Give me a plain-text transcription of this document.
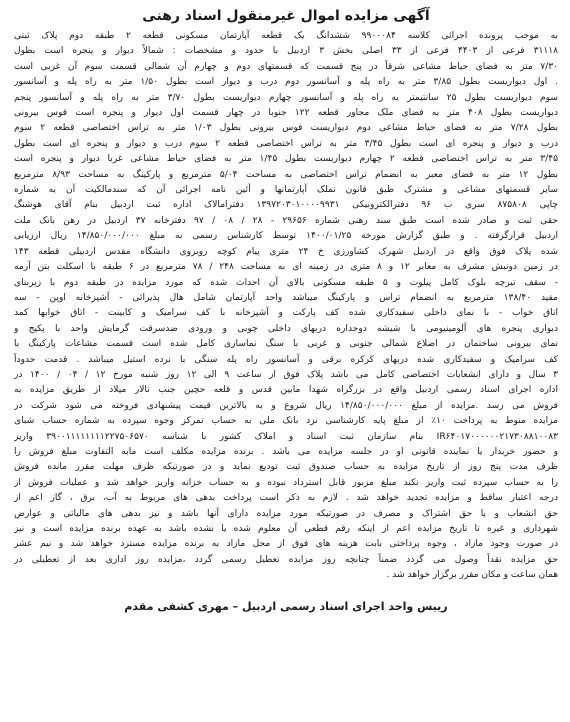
آگهی مزایده اموال غیرمنقول اسناد رهنی
به موجب پرونده اجرائی کلاسه ۹۹۰۰۰۸۴ ششدانگ یک قطعه آپارتمان مسکونی قطعه ۲ طبقه دوم پلاک ثبتی
۳۱۱۱۸ فرعی از ۴۴۰۳ فرعی از ۳۳ اصلی بخش ۳ اردبیل با حدود و مشخصات : شمالاً دیوار و پنجره است بطول
۷/۳۰ متر به فضای حیاط مشاعی شرقاً در پنج قسمت که قسمتهای دوم و چهارم آن شمالی قسمت سوم آن غربی است
. اول دیواریست بطول ۳/۸۵ متر به راه پله و آسانسور دوم درب و دیوار است بطول ۱/۵۰ متر به راه پله و آسانسور
سوم دیواریست بطول ۲۵ سانتیمتر به راه پله و آسانسور چهارم دیواریست بطول ۳/۷۰ متر به راه پله و آسانسور پنجم
دیواریست بطول ۴۰۸ متر به فضای ملک مجاور قطعه ۱۲۲ جنوبا در چهار قسمت اول دیوار و پنجره است قوس بیرونی
بطول ۷/۲۸ متر به فضای حیاط مشاعی دوم دیواریست قوس بیرونی بطول ۱/۰۳ متر به تراس اختصاصی قطعه ۲ سوم
درب و دیوار و پنجره ای است بطول ۳/۴۵ متر به تراس اختصاصی قطعه ۲ سوم درب و دیوار و پنجره ای است بطول
۳/۴۵ متر به تراس اختصاصی قطعه ۲ چهارم دیواریست بطول ۱/۴۵ متر به فضای حیاط مشاعی غربا دیوار و پنجره است
بطول ۱۲ متر به فضای معبر به انضمام تراس اختصاصی به مساحت ۵/۰۴ مترمربع و پارکینگ به مساحت ۸/۹۳ مترمربع
سایر قسمتهای مشاعی و مشترک طبق قانون تملک آپارتمانها و آئین نامه اجرائی آن که سندمالکیت آن به شماره
چاپی ۸۷۵۸۰۸ سری ب ۹۶ دفترالکترونیکی ۱۳۹۷۲۰۳۰۱۰۰۰۰۹۹۳۱ دفترامالاک اداره ثبت اردبیل بنام آقای هوشنگ
حقی ثبت و صادر شده است طبق سند رهنی شماره ۲۹۶۵۶ - ۲۸ / ۰۸ / ۹۷ دفترخانه ۳۷ اردبیل در رهن بانک ملت
اردبیل قرارگرفته . و طبق گزارش مورخه ۱۴۰۰/۰۱/۲۵ توسط کارشناس رسمی به مبلغ ۱۴/۸۵۰/۰۰۰/۰۰۰ ریال ارزیابی
شده پلاک فوق واقع در اردبیل شهرک کشاورزی خ ۲۴ متری پیام کوچه روبروی دانشگاه مقدس اردبیلی قطعه ۱۴۳
در زمین دونبش مشرف به معابر ۱۲ و ۸ متری در زمینه ای به مساحت ۲۴۸ / ۷۸ مترمربع در ۶ طبقه با اسکلت بتن آرمه
- سقف تیرچه بلوک کامل پیلوت و ۵ طبقه مسکونی بالای آن احداث شده که مورد مزایده در طبقه دوم با زیربنای
مفید ۱۳۸/۴۰ مترمربع به انضمام تراس و پارکینگ میباشد واحد آپارتمان شامل هال پذیرائی - آشپزخانه اوپن - سه
اتاق خواب - با نمای داخلی سفیدکاری شده کف پارکت و آشپزخانه با کف سرامیک و کابینت - اتاق خوابها کمد
دیواری پنجره های آلومینیومی با شیشه دوجداره دربهای داخلی چوبی و ورودی ضدسرقت گرمایش واحد با پکیج و
نمای بیرونی ساختمان در اضلاع شمالی جنوبی و غربی با سنگ نماسازی کامل شده است قسمت مشاعات پارکینگ با
کف سرامیک و سفیدکاری شده دربهای کرکره برقی و آسانسور راه پله سنگی با نرده استیل میباشد . قدمت حدوداً
۳ سال و دارای انشعابات اختصاصی کامل می باشد پلاک فوق از ساعت ۹ الی ۱۲ روز شنبه مورخ ۱۲ / ۰۴ / ۱۴۰۰ در
اداره اجرای اسناد رسمی اردبیل واقع در بزرگراه شهدا مابین قدس و قلعه حچین جنب تالار میلاد از طریق مزایده به
فروش می رسد .مزایده از مبلغ ۱۴/۸۵۰/۰۰۰/۰۰۰ ریال شروع و به بالاترین قیمت پیشنهادی فروخته می شود شرکت در
مزایده منوط به پرداخت ۱۰٪ از مبلغ پایه کارشناسی نزد بانک ملی به حساب تمرکز وجوه سپرده به شماره حساب شبای
IR۶۴۰۱۷۰۰۰۰۰۰۲۱۷۳۰۸۸۱۰۰۸۳ بنام سازمان ثبت اسناد و املاک کشور با شناسه ۳۹۰۰۱۱۱۱۱۱۱۱۲۲۷۵۰۶۵۷۰ واریز
و حضور خریدار یا نماینده قانونی او در جلسه مزایده می باشد . برنده مزایده مکلف است مابه التفاوت مبلغ فروش را
ظرف مدت پنج روز از تاریخ مزایده به حساب صندوق ثبت تودیع نماید و در صورتیکه ظرف مهلت مقرر مانده فروش
را به حساب سپرده ثبت واریز نکند مبلغ مزبور قابل استرداد نبوده و به حساب خزانه واریز خواهد شد و عملیات فروش از
درجه اعتبار ساقط و مزایده تجدید خواهد شد . لازم به ذکر است پرداخت بدهی های مربوط به آب، برق ، گاز اعم از
حق انشعاب و یا حق اشتراک و مصرف در صورتیکه مورد مزایده دارای آنها باشد و نیز بدهی های مالیاتی و عوارض
شهرداری و غیره تا تاریخ مزایده اعم از اینکه رقم قطعی آن معلوم شده یا نشده باشد به عهده برنده مزایده است و نیز
در صورت وجود مازاد ، وجوه پرداختی بابت هزینه های فوق از محل مازاد به برنده مزایده مسترد خواهد شد و نیم عشر
حق مزایده نقداً وصول می گردد ضمناً چنانچه روز مزایده تعطیل رسمی گردد ،مزایده روز اداری بعد از تعطیلی در
همان ساعت و مکان مقرر برگزار خواهد شد .
رییس واحد اجرای اسناد رسمی اردبیل – مهری کشفی مقدم
